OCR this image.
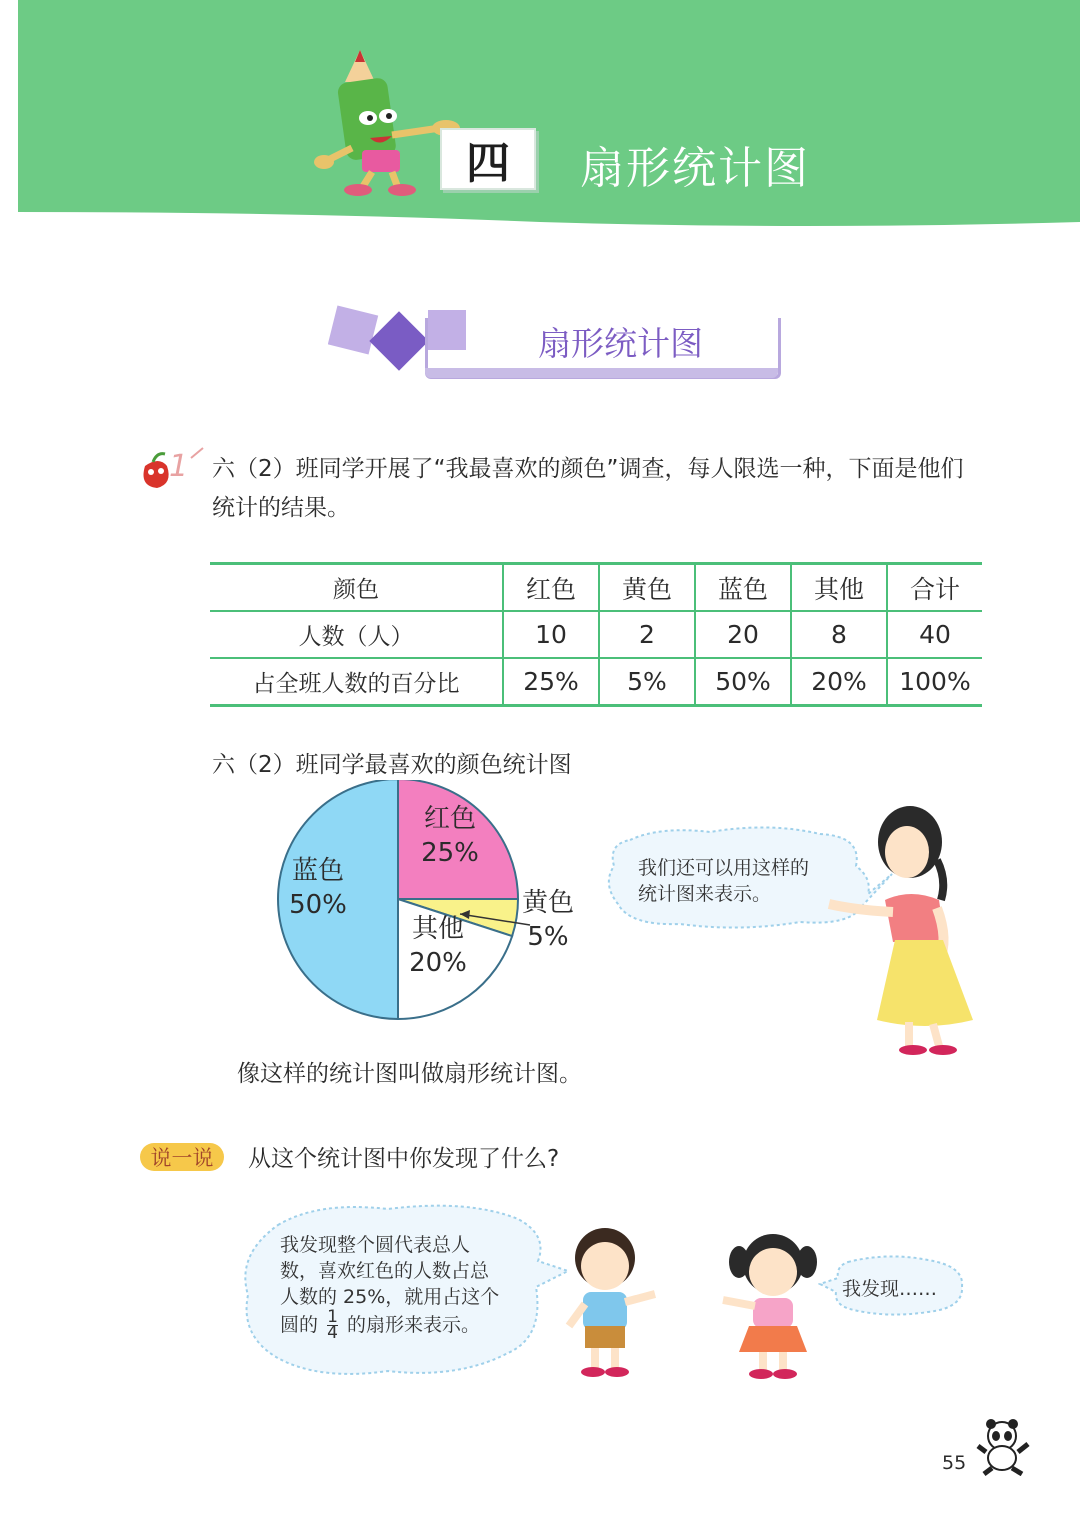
四 扇形统计图
扇形统计图
1 六（2）班同学开展了“我最喜欢的颜色”调查，每人限选一种，下面是他们
统计的结果。
颜色	红色	黄色	蓝色	其他	合计
人数（人）	10	2	20	8	40
占全班人数的百分比	25%	5%	50%	20%	100%
六（2）班同学最喜欢的颜色统计图
红色
25%
黄色
5%
其他
20%
蓝色
50%
像这样的统计图叫做扇形统计图。
我们还可以用这样的
统计图来表示。
说一说 从这个统计图中你发现了什么?
我发现整个圆代表总人
数，喜欢红色的人数占总
人数的 25%，就用占这个
圆的 $\frac{1}{4}$ 的扇形来表示。
我发现……
55
